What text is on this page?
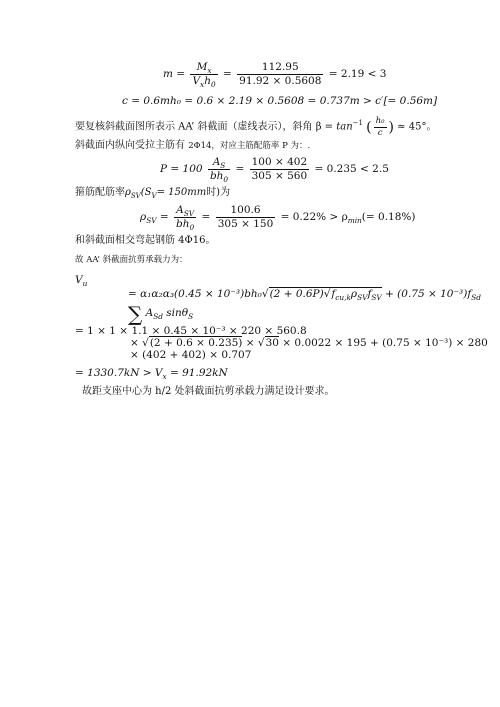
$m = \frac{M_x}{V_xh_0} = \frac{112.95}{91.92 \times 0.5608} = 2.19 < 3$
c = 0.6mh₀ = 0.6 × 2.19 × 0.5608 = 0.737m > c′[= 0.56m]
要复核斜截面图所表示 AA’ 斜截面（虚线表示），斜角 $\beta = \tan^{-1}$ ( $\frac{\text{h₀}}{c}$ ) ≈ 45°。
斜截面内纵向受拉主筋有 2Φ14，对应主筋配筋率 P 为：.
$P = 100 \frac{A_S}{bh_0} = \frac{100 \times 402}{305 \times 560} = 0.235 < 2.5$
箍筋配筋率$\rho_{SV}(S_V= 150mm$时)为
$\rho_{SV} = \frac{A_{SV}}{bh_0} = \frac{100.6}{305 \times 150} = 0.22\% > \rho_{min}(= 0.18\%)$
和斜截面相交弯起钢筋 4Φ16。
故 AA’ 斜截面抗剪承载力为：
$V_u$
= $\alpha_1\alpha_2\alpha_3(0.45 \times 10^{-3})bh_0√(2 + 0.6P)√f_{cu,k}\rho_{SV}f_{SV} + (0.75 \times 10^{-3})f_{Sd}$
∑ $A_{Sd}$ sinθ$_S$
= 1 × 1 × 1.1 × 0.45 × 10⁻³ × 220 × 560.8
× √(2 + 0.6 × 0.235) × √30 × 0.0022 × 195 + (0.75 × 10⁻³) × 280
× (402 + 402) × 0.707
= $1330.7kN > V_x = 91.92kN$
故距支座中心为 h/2 处斜截面抗剪承载力满足设计要求。
